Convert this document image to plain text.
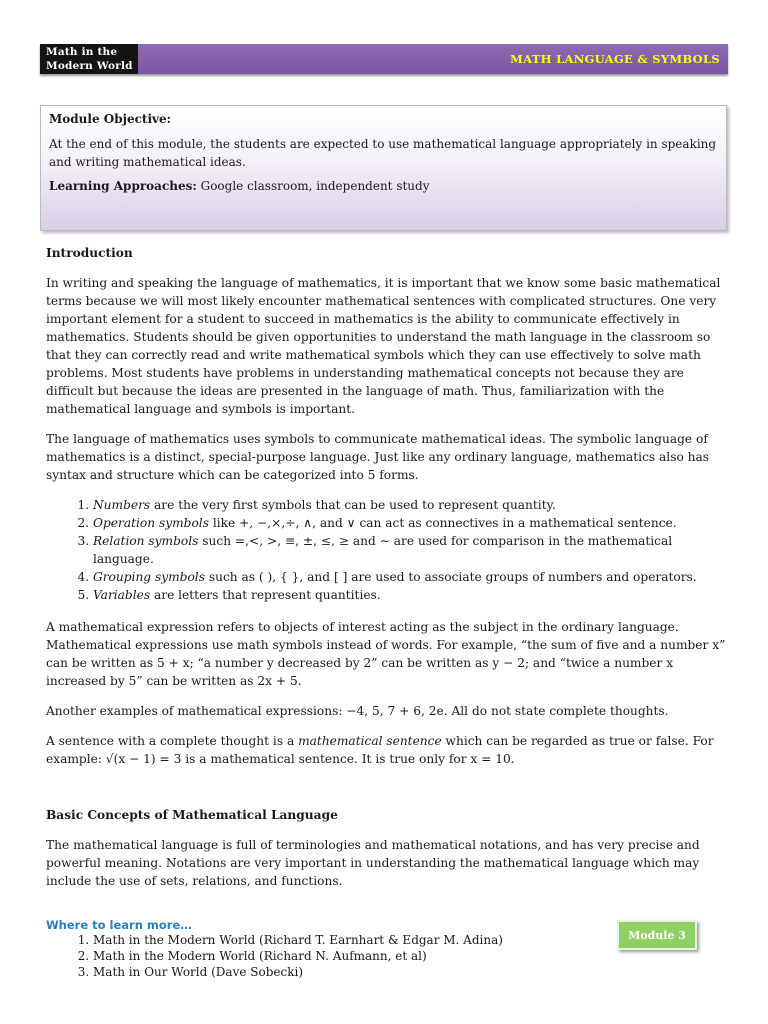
Math in the
Modern World	MATH LANGUAGE & SYMBOLS

Module Objective:

At the end of this module, the students are expected to use mathematical language appropriately in speaking and writing mathematical ideas.

Learning Approaches: Google classroom, independent study

Introduction

In writing and speaking the language of mathematics, it is important that we know some basic mathematical terms because we will most likely encounter mathematical sentences with complicated structures. One very important element for a student to succeed in mathematics is the ability to communicate effectively in mathematics. Students should be given opportunities to understand the math language in the classroom so that they can correctly read and write mathematical symbols which they can use effectively to solve math problems. Most students have problems in understanding mathematical concepts not because they are difficult but because the ideas are presented in the language of math. Thus, familiarization with the mathematical language and symbols is important.

The language of mathematics uses symbols to communicate mathematical ideas. The symbolic language of mathematics is a distinct, special-purpose language. Just like any ordinary language, mathematics also has syntax and structure which can be categorized into 5 forms.

1. Numbers are the very first symbols that can be used to represent quantity.
2. Operation symbols like +, −,×,÷, ∧, and ∨ can act as connectives in a mathematical sentence.
3. Relation symbols such =,<, >, ≡, ±, ≤, ≥ and ∼ are used for comparison in the mathematical language.
4. Grouping symbols such as ( ), { }, and [ ] are used to associate groups of numbers and operators.
5. Variables are letters that represent quantities.

A mathematical expression refers to objects of interest acting as the subject in the ordinary language. Mathematical expressions use math symbols instead of words. For example, “the sum of five and a number x” can be written as 5 + x; “a number y decreased by 2” can be written as y − 2; and “twice a number x increased by 5” can be written as 2x + 5.

Another examples of mathematical expressions: −4, 5, 7 + 6, 2e. All do not state complete thoughts.

A sentence with a complete thought is a mathematical sentence which can be regarded as true or false. For example: √(x − 1) = 3 is a mathematical sentence. It is true only for x = 10.

Basic Concepts of Mathematical Language

The mathematical language is full of terminologies and mathematical notations, and has very precise and powerful meaning. Notations are very important in understanding the mathematical language which may include the use of sets, relations, and functions.

Where to learn more…
1. Math in the Modern World (Richard T. Earnhart & Edgar M. Adina)
2. Math in the Modern World (Richard N. Aufmann, et al)
3. Math in Our World (Dave Sobecki)
Module 3
